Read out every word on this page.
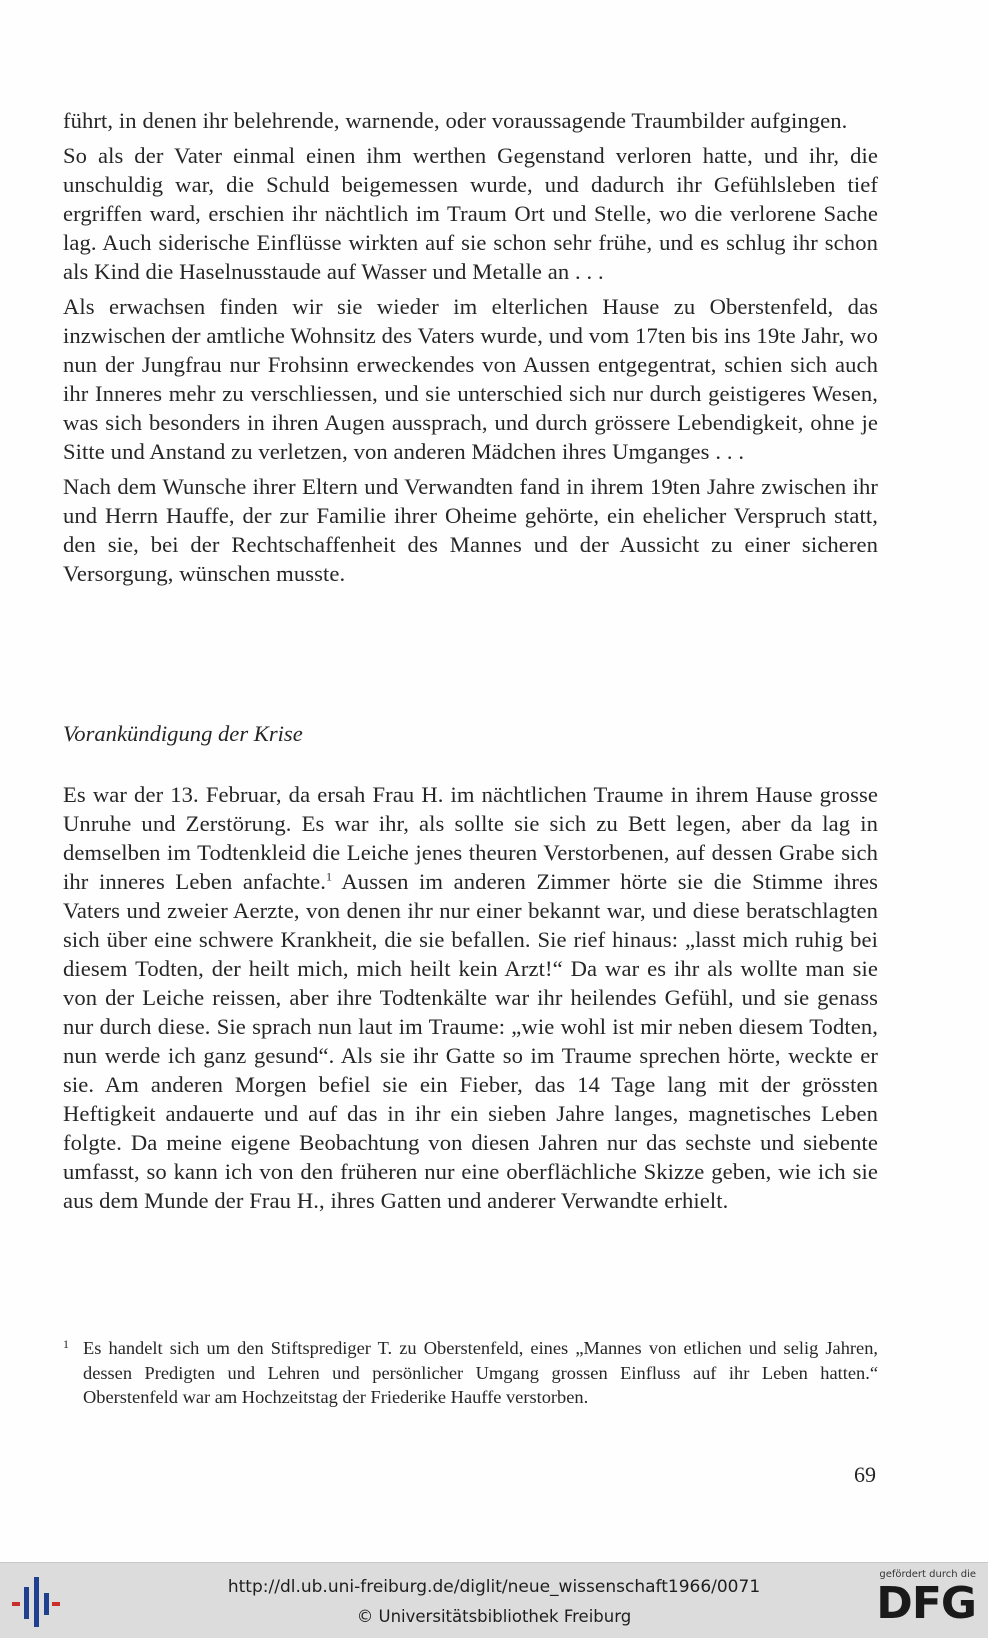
führt, in denen ihr belehrende, warnende, oder voraussagende Traumbilder aufgingen.

So als der Vater einmal einen ihm werthen Gegenstand verloren hatte, und ihr, die unschuldig war, die Schuld beigemessen wurde, und dadurch ihr Gefühlsleben tief ergriffen ward, erschien ihr nächtlich im Traum Ort und Stelle, wo die verlorene Sache lag. Auch siderische Einflüsse wirkten auf sie schon sehr frühe, und es schlug ihr schon als Kind die Haselnusstaude auf Wasser und Metalle an . . .

Als erwachsen finden wir sie wieder im elterlichen Hause zu Oberstenfeld, das inzwischen der amtliche Wohnsitz des Vaters wurde, und vom 17ten bis ins 19te Jahr, wo nun der Jungfrau nur Frohsinn erweckendes von Aussen entgegentrat, schien sich auch ihr Inneres mehr zu verschliessen, und sie unterschied sich nur durch geistigeres Wesen, was sich besonders in ihren Augen aussprach, und durch grössere Lebendigkeit, ohne je Sitte und Anstand zu verletzen, von anderen Mädchen ihres Umganges . . .

Nach dem Wunsche ihrer Eltern und Verwandten fand in ihrem 19ten Jahre zwischen ihr und Herrn Hauffe, der zur Familie ihrer Oheime gehörte, ein ehelicher Verspruch statt, den sie, bei der Rechtschaffenheit des Mannes und der Aussicht zu einer sicheren Versorgung, wünschen musste.

Vorankündigung der Krise

Es war der 13. Februar, da ersah Frau H. im nächtlichen Traume in ihrem Hause grosse Unruhe und Zerstörung. Es war ihr, als sollte sie sich zu Bett legen, aber da lag in demselben im Todtenkleid die Leiche jenes theuren Verstorbenen, auf dessen Grabe sich ihr inneres Leben anfachte.$^1$ Aussen im anderen Zimmer hörte sie die Stimme ihres Vaters und zweier Aerzte, von denen ihr nur einer bekannt war, und diese beratschlagten sich über eine schwere Krankheit, die sie befallen. Sie rief hinaus: „lasst mich ruhig bei diesem Todten, der heilt mich, mich heilt kein Arzt!“ Da war es ihr als wollte man sie von der Leiche reissen, aber ihre Todtenkälte war ihr heilendes Gefühl, und sie genass nur durch diese. Sie sprach nun laut im Traume: „wie wohl ist mir neben diesem Todten, nun werde ich ganz gesund“. Als sie ihr Gatte so im Traume sprechen hörte, weckte er sie. Am anderen Morgen befiel sie ein Fieber, das 14 Tage lang mit der grössten Heftigkeit andauerte und auf das in ihr ein sieben Jahre langes, magnetisches Leben folgte. Da meine eigene Beobachtung von diesen Jahren nur das sechste und siebente umfasst, so kann ich von den früheren nur eine oberflächliche Skizze geben, wie ich sie aus dem Munde der Frau H., ihres Gatten und anderer Verwandte erhielt.

1 Es handelt sich um den Stiftsprediger T. zu Oberstenfeld, eines „Mannes von etlichen und selig Jahren, dessen Predigten und Lehren und persönlicher Umgang grossen Einfluss auf ihr Leben hatten.“ Oberstenfeld war am Hochzeitstag der Friederike Hauffe verstorben.
69
http://dl.ub.uni-freiburg.de/diglit/neue_wissenschaft1966/0071
© Universitätsbibliothek Freiburg
gefördert durch die
DFG
